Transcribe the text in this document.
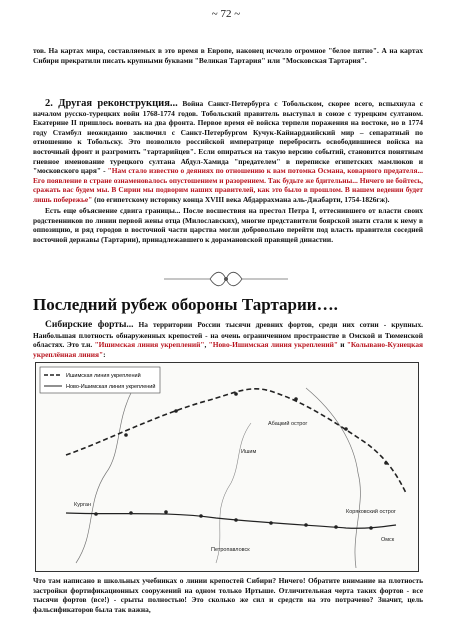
~ 72 ~
тов. На картах мира, составляемых в это время в Европе, наконец исчезло огромное "белое пятно". А на картах Сибири прекратили писать крупными буквами "Великая Тартария" или "Московская Тартария".
2. Другая реконструкция... Война Санкт-Петербурга с Тобольском, скорее всего, вспыхнула с началом русско-турецких войн 1768-1774 годов. Тобольский правитель выступал в союзе с турецким султаном. Екатерине II пришлось воевать на два фронта. Первое время её войска терпели поражения на востоке, но в 1774 году Стамбул неожиданно заключил с Санкт-Петербургом Кучук-Кайнарджийский мир – сепаратный по отношению к Тобольску. Это позволило российской императрице перебросить освободившиеся войска на восточный фронт и разгромить "тартарийцев". Если опираться на такую версию событий, становится понятным гневное именование турецкого султана Абдул-Хамида "предателем" в переписке египетских мамлюков и "московского царя" - "Нам стало известно о деяниях по отношению к вам потомка Османа, коварного предателя... Его появление в стране ознаменовалось опустошением и разорением. Так будьте же бдительны... Ничего не бойтесь, сражать вас будем мы. В Сирии мы подворим наших правителей, как это было в прошлом. В нашем ведении будет лишь побережье" (по египетскому историку конца XVIII века Абдаррахмана аль-Джабарти, 1754-1826гж).
Есть еще объяснение сдвига границы... После восшествия на престол Петра I, оттеснившего от власти своих родственников по линии первой жены отца (Милославских), многие представители боярской знати стали к нему в оппозицию, и ряд городов в восточной части царства могли добровольно перейти под власть правителя соседней восточной державы (Тартарии), принадлежавшего к дорамановской правящей династии.
Последний рубеж обороны Тартарии….
Сибирские форты... На территории России тысячи древних фортов, среди них сотни - крупных. Наибольшая плотность обнаруженных крепостей - на очень ограниченном пространстве в Омской и Тюменской областях. Это т.н. "Ишимская линия укреплений", "Ново-Ишимская линия укреплений" и "Колывано-Кузнецкая укреплённая линия":
Ишимская линия укреплений
Ново-Ишимская линия укреплений
Курган
Омск
Абацкий острог
Коряковский острог
Ишим
Петропавловск
Что там написано в школьных учебниках о линии крепостей Сибири? Ничего! Обратите внимание на плотность застройки фортификационных сооружений на одном только Иртыше. Отличительная черта таких фортов - все тысячи фортов (все!) - срыты полностью! Это сколько же сил и средств на это потрачено? Значит, цель фальсификаторов была так важна,
